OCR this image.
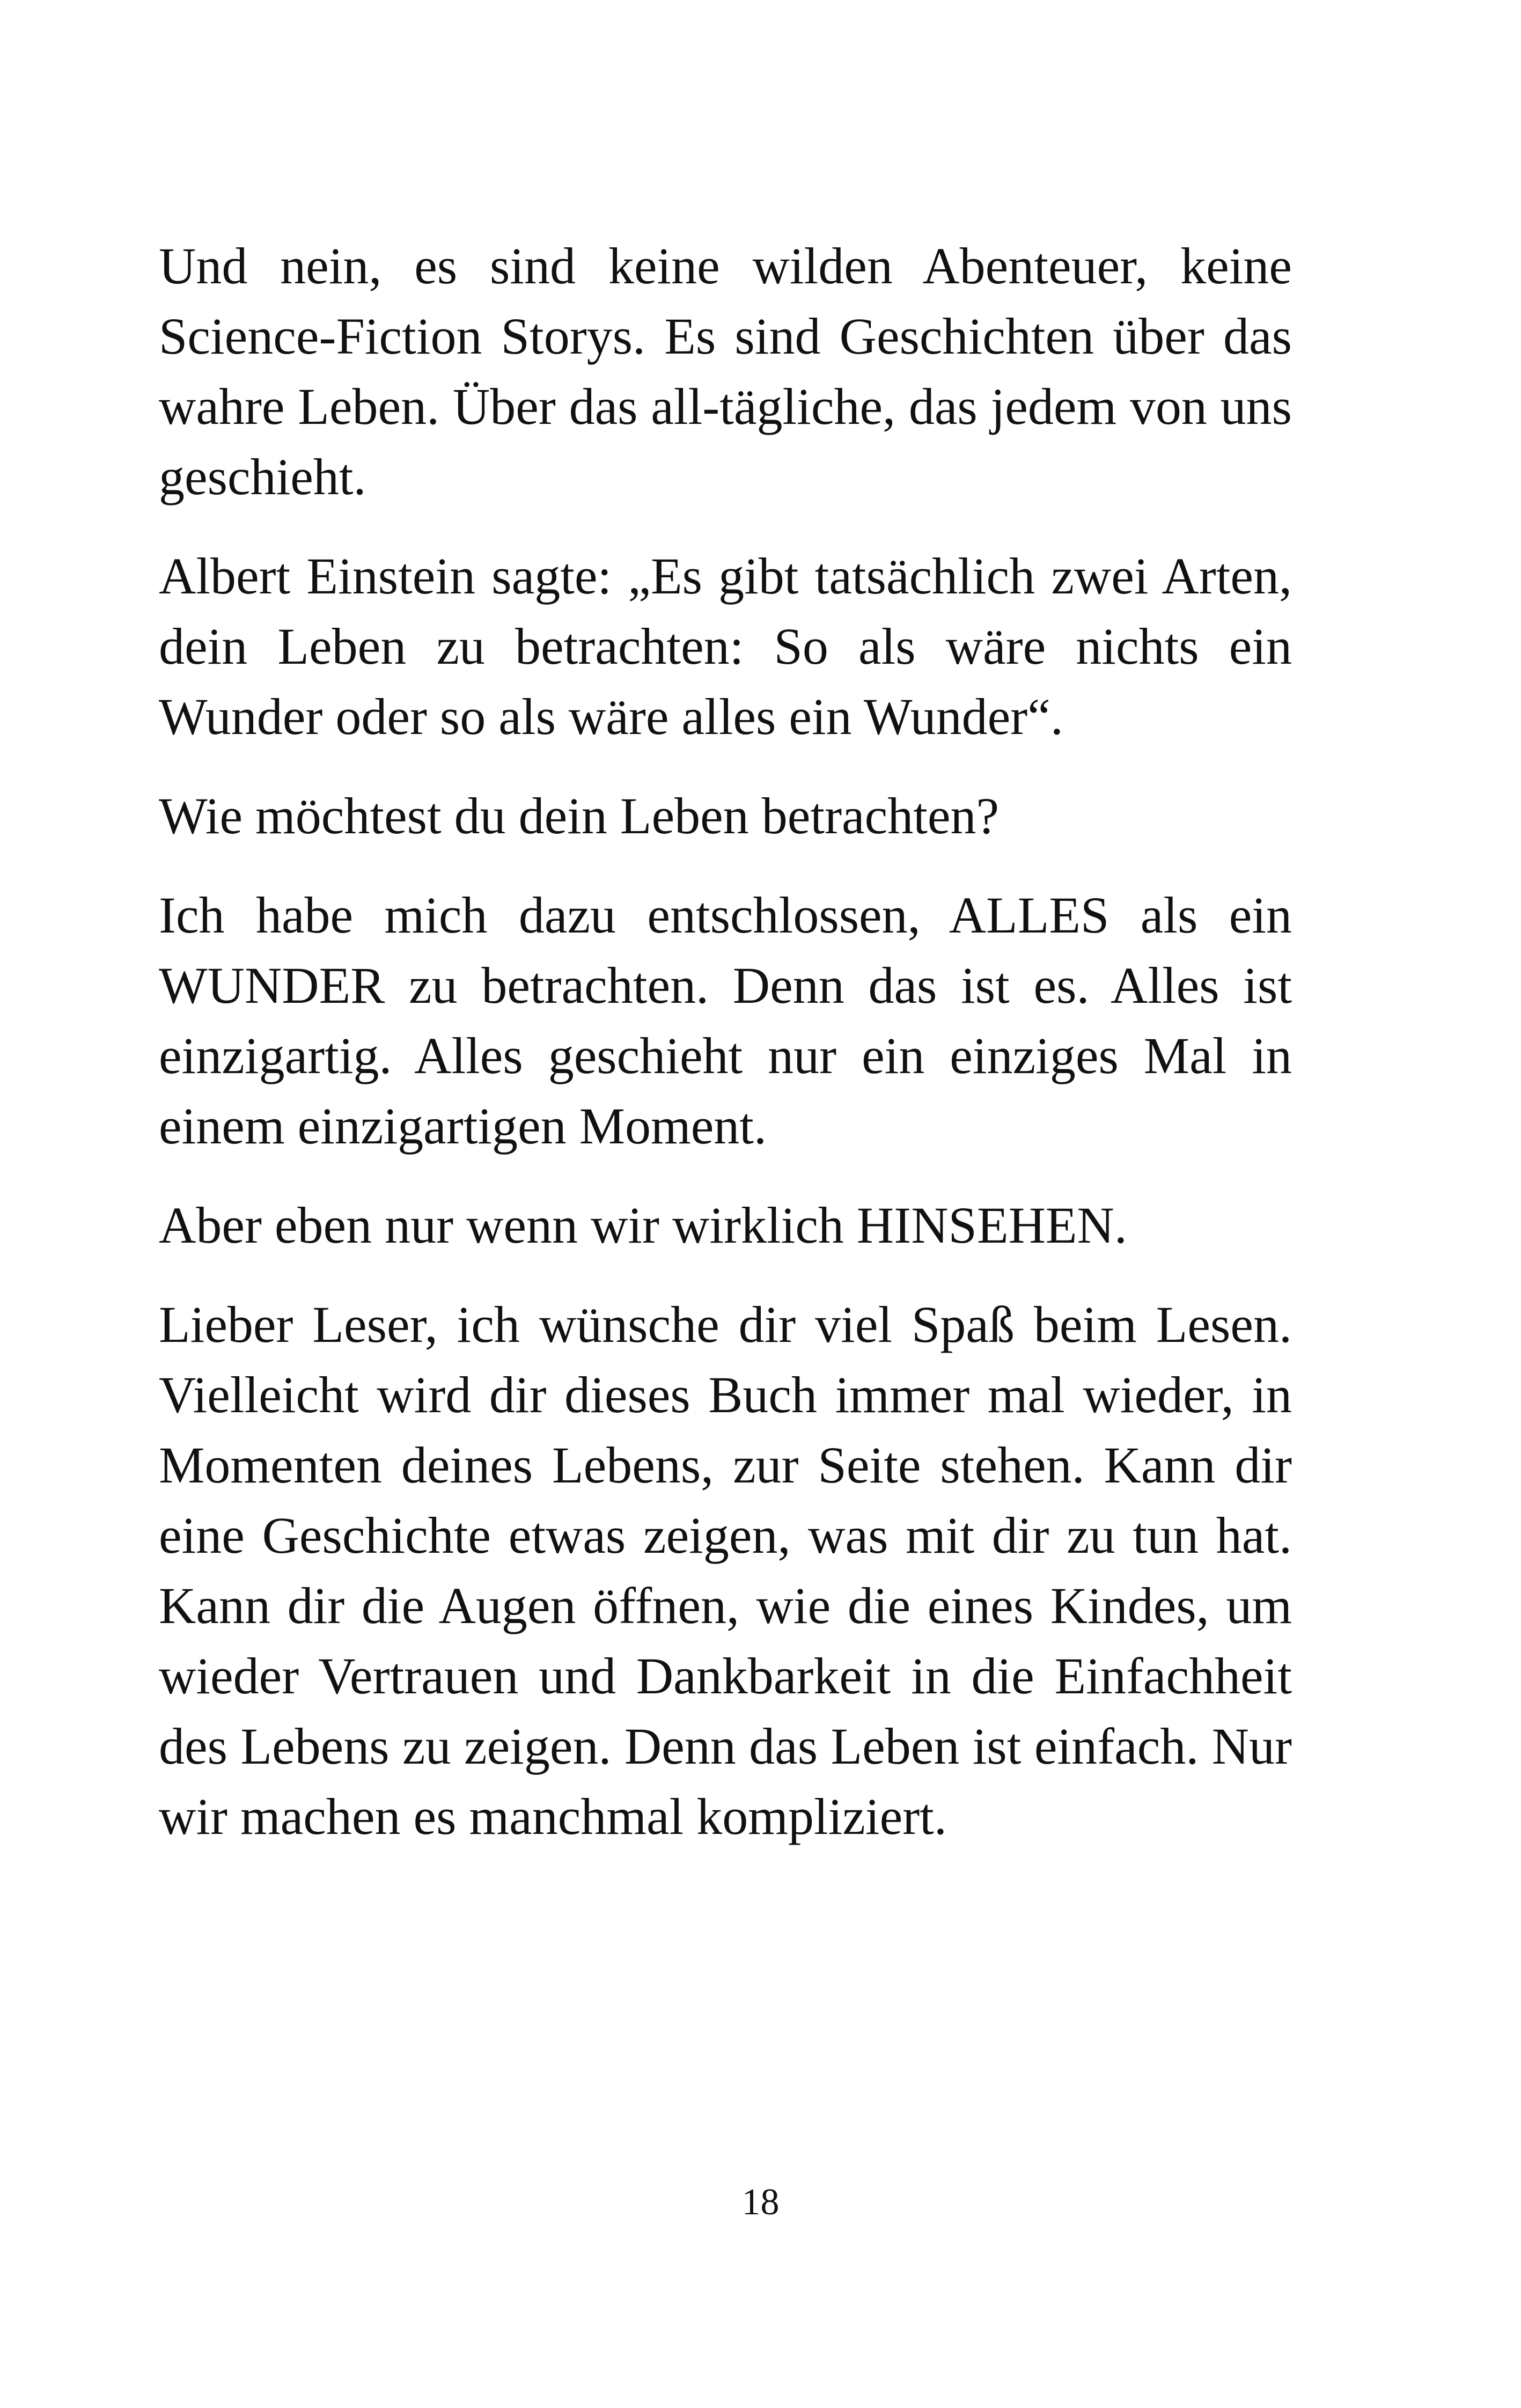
Und nein, es sind keine wilden Abenteuer, keine Science-Fiction Storys. Es sind Geschichten über das wahre Leben. Über das all-tägliche, das jedem von uns geschieht.

Albert Einstein sagte: „Es gibt tatsächlich zwei Arten, dein Leben zu betrachten: So als wäre nichts ein Wunder oder so als wäre alles ein Wunder“.

Wie möchtest du dein Leben betrachten?

Ich habe mich dazu entschlossen, ALLES als ein WUNDER zu betrachten. Denn das ist es. Alles ist einzigartig. Alles geschieht nur ein einziges Mal in einem einzigartigen Moment.

Aber eben nur wenn wir wirklich HINSEHEN.

Lieber Leser, ich wünsche dir viel Spaß beim Lesen. Vielleicht wird dir dieses Buch immer mal wieder, in Momenten deines Lebens, zur Seite stehen. Kann dir eine Geschichte etwas zeigen, was mit dir zu tun hat. Kann dir die Augen öffnen, wie die eines Kindes, um wieder Vertrauen und Dankbarkeit in die Einfachheit des Lebens zu zeigen. Denn das Leben ist einfach. Nur wir machen es manchmal kompliziert.

18
